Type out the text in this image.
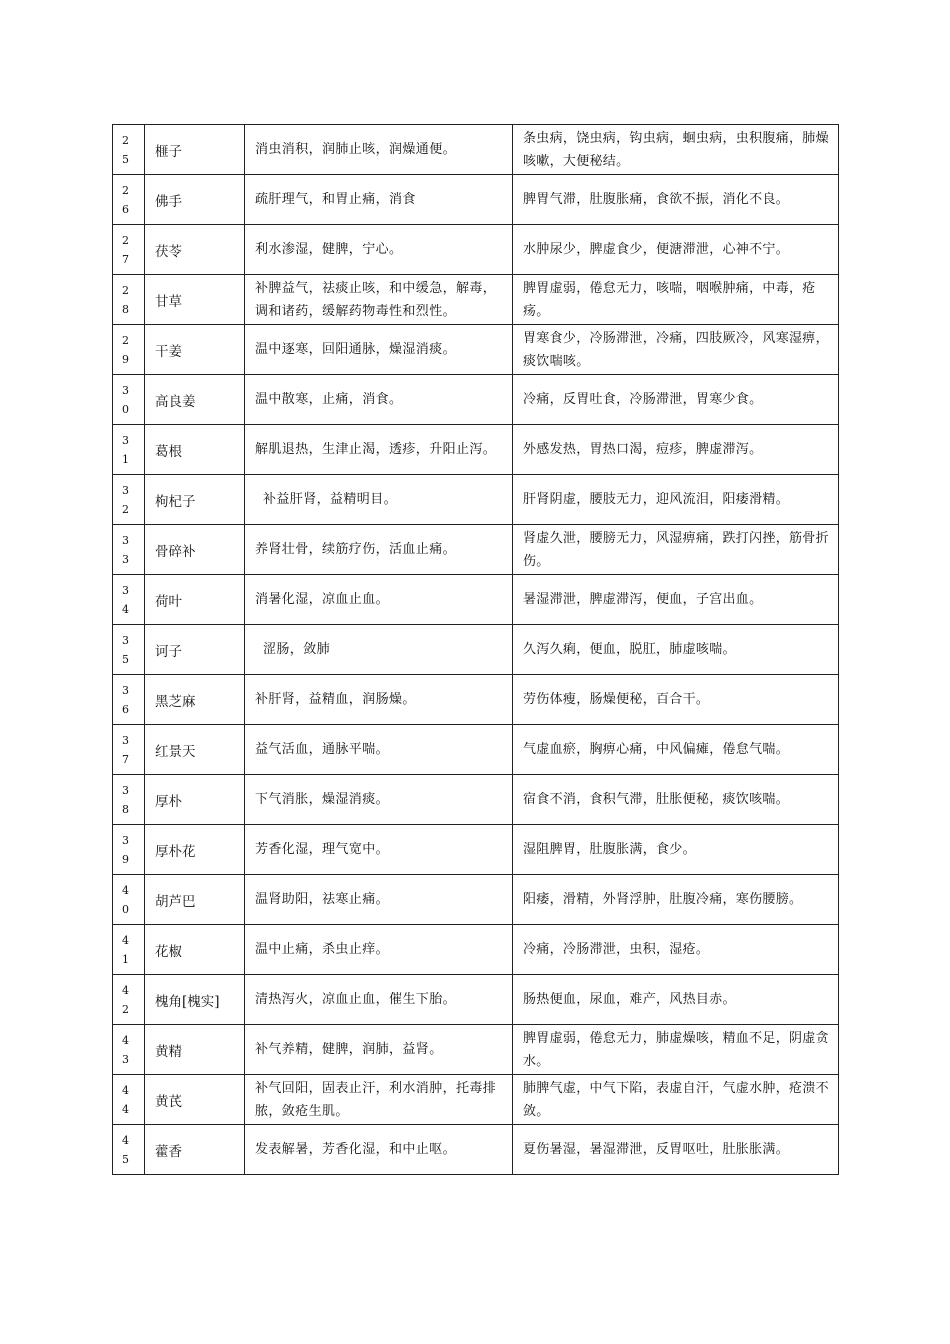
2
5	榧子	消虫消积，润肺止咳，润燥通便。	条虫病，饶虫病，钩虫病，蛔虫病，虫积腹痛，肺燥咳嗽，大便秘结。

2
6	佛手	疏肝理气，和胃止痛，消食	脾胃气滞，肚腹胀痛，食欲不振，消化不良。

2
7	茯苓	利水渗湿，健脾，宁心。	水肿尿少，脾虚食少，便溏滞泄，心神不宁。

2
8	甘草	补脾益气，祛痰止咳，和中缓急，解毒，调和诸药，缓解药物毒性和烈性。	脾胃虚弱，倦怠无力，咳喘，咽喉肿痛，中毒，疮疡。

2
9	干姜	温中逐寒，回阳通脉，燥湿消痰。	胃寒食少，冷肠滞泄，冷痛，四肢厥冷，风寒湿痹，痰饮喘咳。

3
0	高良姜	温中散寒，止痛，消食。	冷痛，反胃吐食，冷肠滞泄，胃寒少食。

3
1	葛根	解肌退热，生津止渴，透疹，升阳止泻。	外感发热，胃热口渴，痘疹，脾虚滞泻。

3
2	枸杞子	补益肝肾，益精明目。	肝肾阴虚，腰肢无力，迎风流泪，阳痿滑精。

3
3	骨碎补	养肾壮骨，续筋疗伤，活血止痛。	肾虚久泄，腰膀无力，风湿痹痛，跌打闪挫，筋骨折伤。

3
4	荷叶	消暑化湿，凉血止血。	暑湿滞泄，脾虚滞泻，便血，子宫出血。

3
5	诃子	涩肠，敛肺	久泻久痢，便血，脱肛，肺虚咳喘。

3
6	黑芝麻	补肝肾，益精血，润肠燥。	劳伤体瘦，肠燥便秘，百合干。

3
7	红景天	益气活血，通脉平喘。	气虚血瘀，胸痹心痛，中风偏瘫，倦怠气喘。

3
8	厚朴	下气消胀，燥湿消痰。	宿食不消，食积气滞，肚胀便秘，痰饮咳喘。

3
9	厚朴花	芳香化湿，理气宽中。	湿阻脾胃，肚腹胀满，食少。

4
0	胡芦巴	温肾助阳，祛寒止痛。	阳痿，滑精，外肾浮肿，肚腹冷痛，寒伤腰膀。

4
1	花椒	温中止痛，杀虫止痒。	冷痛，冷肠滞泄，虫积，湿疮。

4
2	槐角[槐实]	清热泻火，凉血止血，催生下胎。	肠热便血，尿血，难产，风热目赤。

4
3	黄精	补气养精，健脾，润肺，益肾。	脾胃虚弱，倦怠无力，肺虚燥咳，精血不足，阴虚贪水。

4
4	黄芪	补气回阳，固表止汗，利水消肿，托毒排脓，敛疮生肌。	肺脾气虚，中气下陷，表虚自汗，气虚水肿，疮溃不敛。

4
5	藿香	发表解暑，芳香化湿，和中止呕。	夏伤暑湿，暑湿滞泄，反胃呕吐，肚胀胀满。
